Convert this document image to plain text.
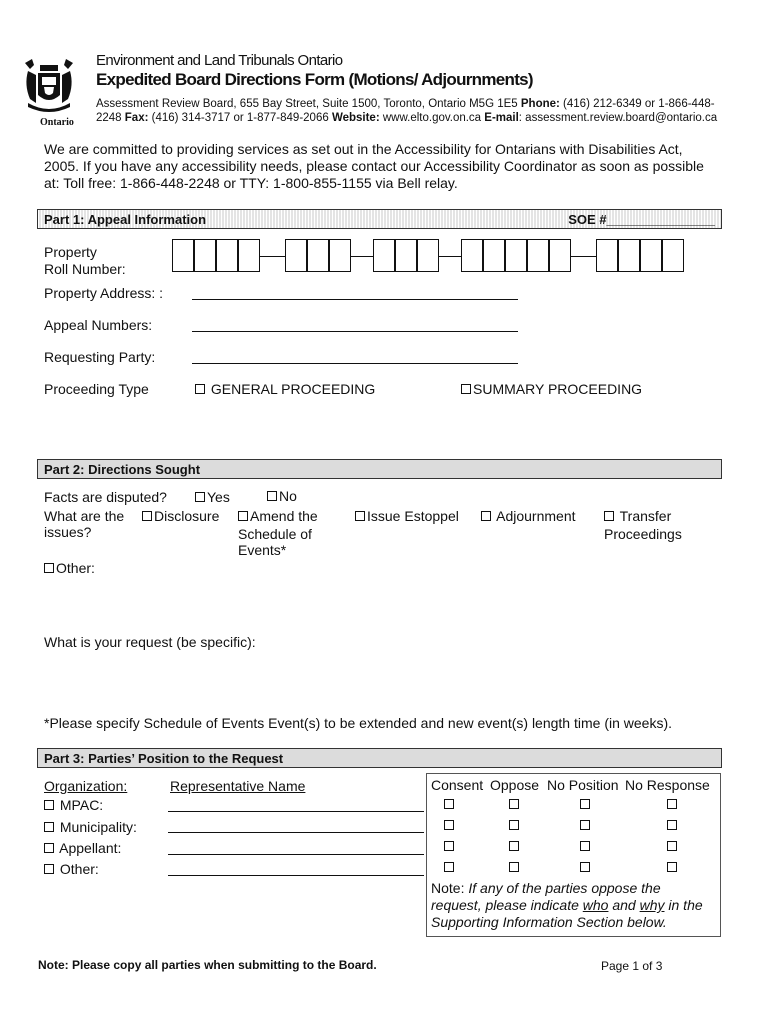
Ontario
Environment and Land Tribunals Ontario
Expedited Board Directions Form (Motions/ Adjournments)
Assessment Review Board, 655 Bay Street, Suite 1500, Toronto, Ontario M5G 1E5 Phone: (416) 212-6349 or 1-866-448-
2248 Fax: (416) 314-3717 or 1-877-849-2066 Website: www.elto.gov.on.ca E-mail: assessment.review.board@ontario.ca
We are committed to providing services as set out in the Accessibility for Ontarians with Disabilities Act,
2005. If you have any accessibility needs, please contact our Accessibility Coordinator as soon as possible
at: Toll free: 1-866-448-2248 or TTY: 1-800-855-1155 via Bell relay.
Part 1: Appeal Information	SOE #_______________
Property
Roll Number:
Property Address: :
Appeal Numbers:
Requesting Party:
Proceeding Type	GENERAL PROCEEDING	SUMMARY PROCEEDING
Part 2: Directions Sought
Facts are disputed?	Yes	No
What are the
issues?
Disclosure	Amend the
Schedule of
Events*
Issue Estoppel	Adjournment	Transfer
Proceedings
Other:
What is your request (be specific):
*Please specify Schedule of Events Event(s) to be extended and new event(s) length time (in weeks).
Part 3: Parties’ Position to the Request
Organization:	Representative Name
MPAC:
Municipality:
Appellant:
Other:
Consent Oppose No Position No Response
Note: If any of the parties oppose the
request, please indicate who and why in the
Supporting Information Section below.
Note: Please copy all parties when submitting to the Board.	Page 1 of 3
